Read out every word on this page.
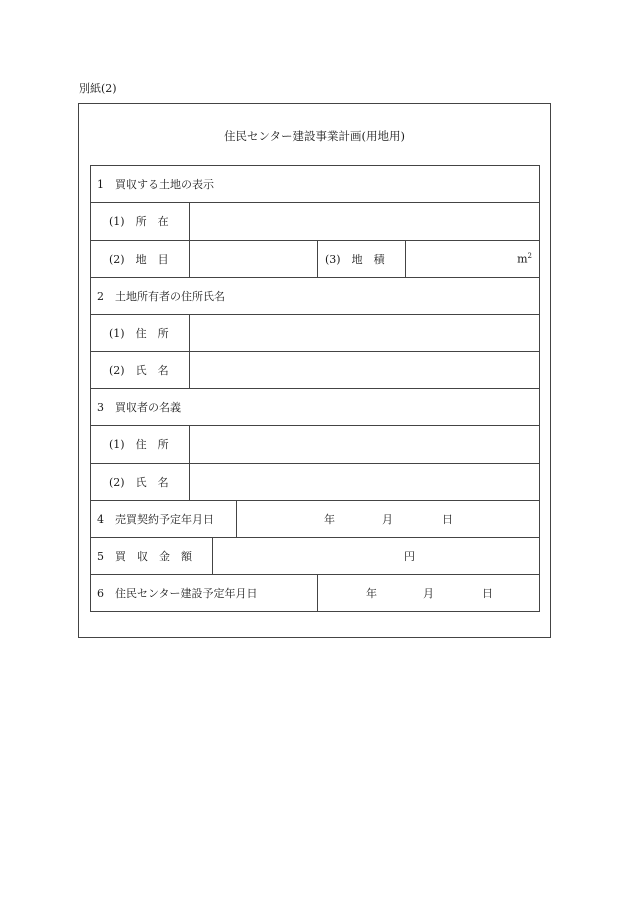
別紙(2)
住民センター建設事業計画(用地用)
1　買収する土地の表示
(1)　所　在
(2)　地　目	(3)　地　積	$m^2$
2　土地所有者の住所氏名
(1)　住　所
(2)　氏　名
3　買収者の名義
(1)　住　所
(2)　氏　名
4　売買契約予定年月日	年	月	日
5　買　収　金　額	円
6　住民センター建設予定年月日	年	月	日
